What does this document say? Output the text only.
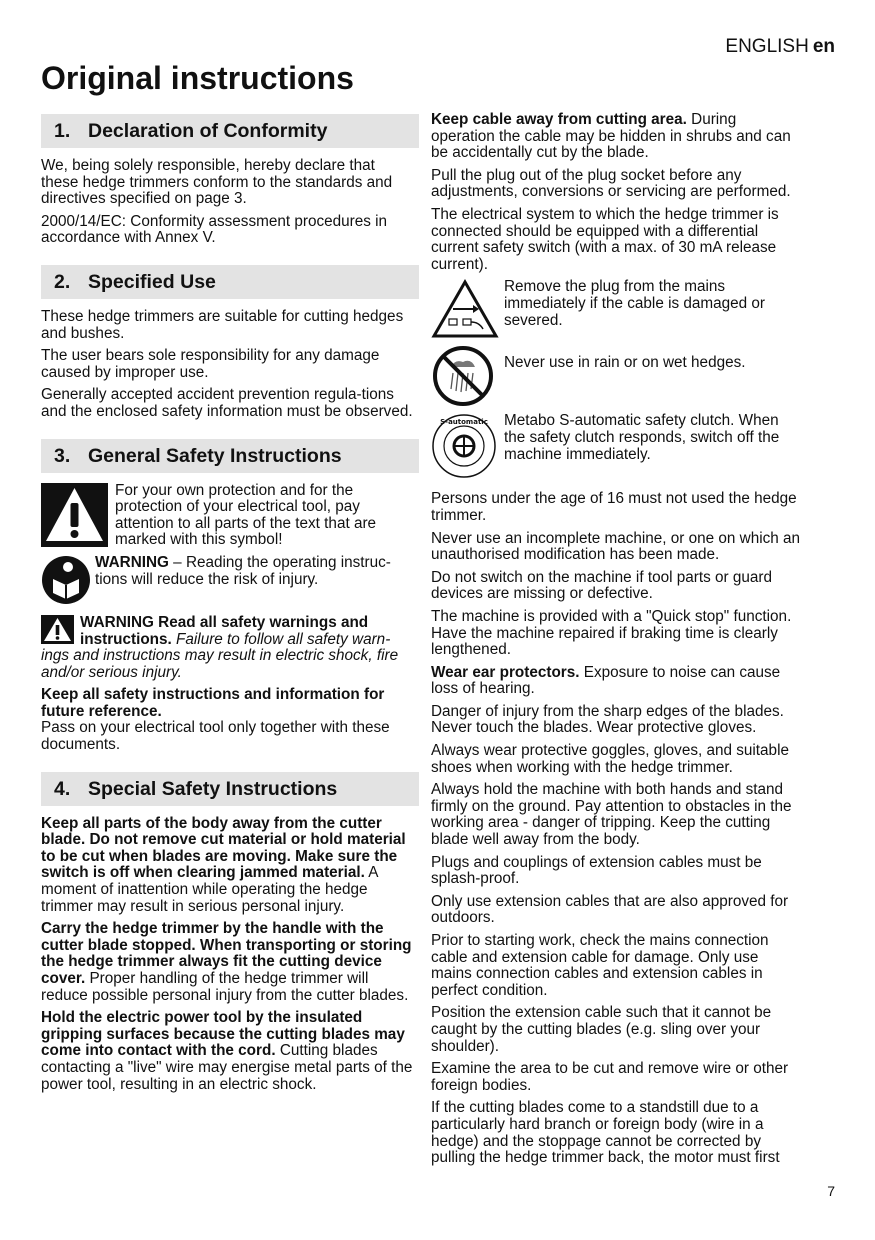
ENGLISH en
Original instructions
1. Declaration of Conformity

We, being solely responsible, hereby declare that these hedge trimmers conform to the standards and directives specified on page 3.

2000/14/EC: Conformity assessment procedures in accordance with Annex V.

2. Specified Use

These hedge trimmers are suitable for cutting hedges and bushes.

The user bears sole responsibility for any damage caused by improper use.

Generally accepted accident prevention regula-tions and the enclosed safety information must be observed.

3. General Safety Instructions
For your own protection and for the protection of your electrical tool, pay attention to all parts of the text that are marked with this symbol!
WARNING – Reading the operating instruc-tions will reduce the risk of injury.

WARNING Read all safety warnings and instructions. Failure to follow all safety warn-ings and instructions may result in electric shock, fire and/or serious injury.

Keep all safety instructions and information for future reference.
Pass on your electrical tool only together with these documents.

4. Special Safety Instructions

Keep all parts of the body away from the cutter blade. Do not remove cut material or hold material to be cut when blades are moving. Make sure the switch is off when clearing jammed material. A moment of inattention while operating the hedge trimmer may result in serious personal injury.

Carry the hedge trimmer by the handle with the cutter blade stopped. When transporting or storing the hedge trimmer always fit the cutting device cover. Proper handling of the hedge trimmer will reduce possible personal injury from the cutter blades.

Hold the electric power tool by the insulated gripping surfaces because the cutting blades may come into contact with the cord. Cutting blades contacting a "live" wire may energise metal parts of the power tool, resulting in an electric shock.

Keep cable away from cutting area. During operation the cable may be hidden in shrubs and can be accidentally cut by the blade.

Pull the plug out of the plug socket before any adjustments, conversions or servicing are performed.

The electrical system to which the hedge trimmer is connected should be equipped with a differential current safety switch (with a max. of 30 mA release current).

Remove the plug from the mains immediately if the cable is damaged or severed.
Never use in rain or on wet hedges.
S-automatic Metabo S-automatic safety clutch. When the safety clutch responds, switch off the machine immediately.

Persons under the age of 16 must not used the hedge trimmer.

Never use an incomplete machine, or one on which an unauthorised modification has been made.

Do not switch on the machine if tool parts or guard devices are missing or defective.

The machine is provided with a "Quick stop" function. Have the machine repaired if braking time is clearly lengthened.

Wear ear protectors. Exposure to noise can cause loss of hearing.

Danger of injury from the sharp edges of the blades. Never touch the blades. Wear protective gloves.

Always wear protective goggles, gloves, and suitable shoes when working with the hedge trimmer.

Always hold the machine with both hands and stand firmly on the ground. Pay attention to obstacles in the working area - danger of tripping. Keep the cutting blade well away from the body.

Plugs and couplings of extension cables must be splash-proof.

Only use extension cables that are also approved for outdoors.

Prior to starting work, check the mains connection cable and extension cable for damage. Only use mains connection cables and extension cables in perfect condition.

Position the extension cable such that it cannot be caught by the cutting blades (e.g. sling over your shoulder).

Examine the area to be cut and remove wire or other foreign bodies.

If the cutting blades come to a standstill due to a particularly hard branch or foreign body (wire in a hedge) and the stoppage cannot be corrected by pulling the hedge trimmer back, the motor must first

7
